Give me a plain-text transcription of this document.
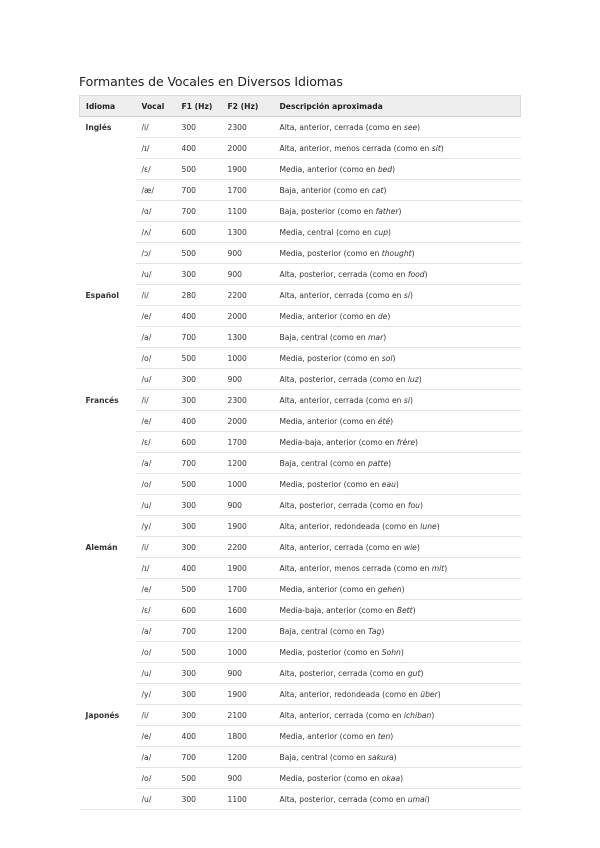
Formantes de Vocales en Diversos Idiomas
Idioma	Vocal	F1 (Hz)	F2 (Hz)	Descripción aproximada
Inglés	/i/	300	2300	Alta, anterior, cerrada (como en see)
	/ɪ/	400	2000	Alta, anterior, menos cerrada (como en sit)
	/ɛ/	500	1900	Media, anterior (como en bed)
	/æ/	700	1700	Baja, anterior (como en cat)
	/ɑ/	700	1100	Baja, posterior (como en father)
	/ʌ/	600	1300	Media, central (como en cup)
	/ɔ/	500	900	Media, posterior (como en thought)
	/u/	300	900	Alta, posterior, cerrada (como en food)
Español	/i/	280	2200	Alta, anterior, cerrada (como en sí)
	/e/	400	2000	Media, anterior (como en de)
	/a/	700	1300	Baja, central (como en mar)
	/o/	500	1000	Media, posterior (como en sol)
	/u/	300	900	Alta, posterior, cerrada (como en luz)
Francés	/i/	300	2300	Alta, anterior, cerrada (como en si)
	/e/	400	2000	Media, anterior (como en été)
	/ɛ/	600	1700	Media-baja, anterior (como en frère)
	/a/	700	1200	Baja, central (como en patte)
	/o/	500	1000	Media, posterior (como en eau)
	/u/	300	900	Alta, posterior, cerrada (como en fou)
	/y/	300	1900	Alta, anterior, redondeada (como en lune)
Alemán	/i/	300	2200	Alta, anterior, cerrada (como en wie)
	/ɪ/	400	1900	Alta, anterior, menos cerrada (como en mit)
	/e/	500	1700	Media, anterior (como en gehen)
	/ɛ/	600	1600	Media-baja, anterior (como en Bett)
	/a/	700	1200	Baja, central (como en Tag)
	/o/	500	1000	Media, posterior (como en Sohn)
	/u/	300	900	Alta, posterior, cerrada (como en gut)
	/y/	300	1900	Alta, anterior, redondeada (como en über)
Japonés	/i/	300	2100	Alta, anterior, cerrada (como en ichiban)
	/e/	400	1800	Media, anterior (como en ten)
	/a/	700	1200	Baja, central (como en sakura)
	/o/	500	900	Media, posterior (como en okaa)
	/u/	300	1100	Alta, posterior, cerrada (como en umai)
